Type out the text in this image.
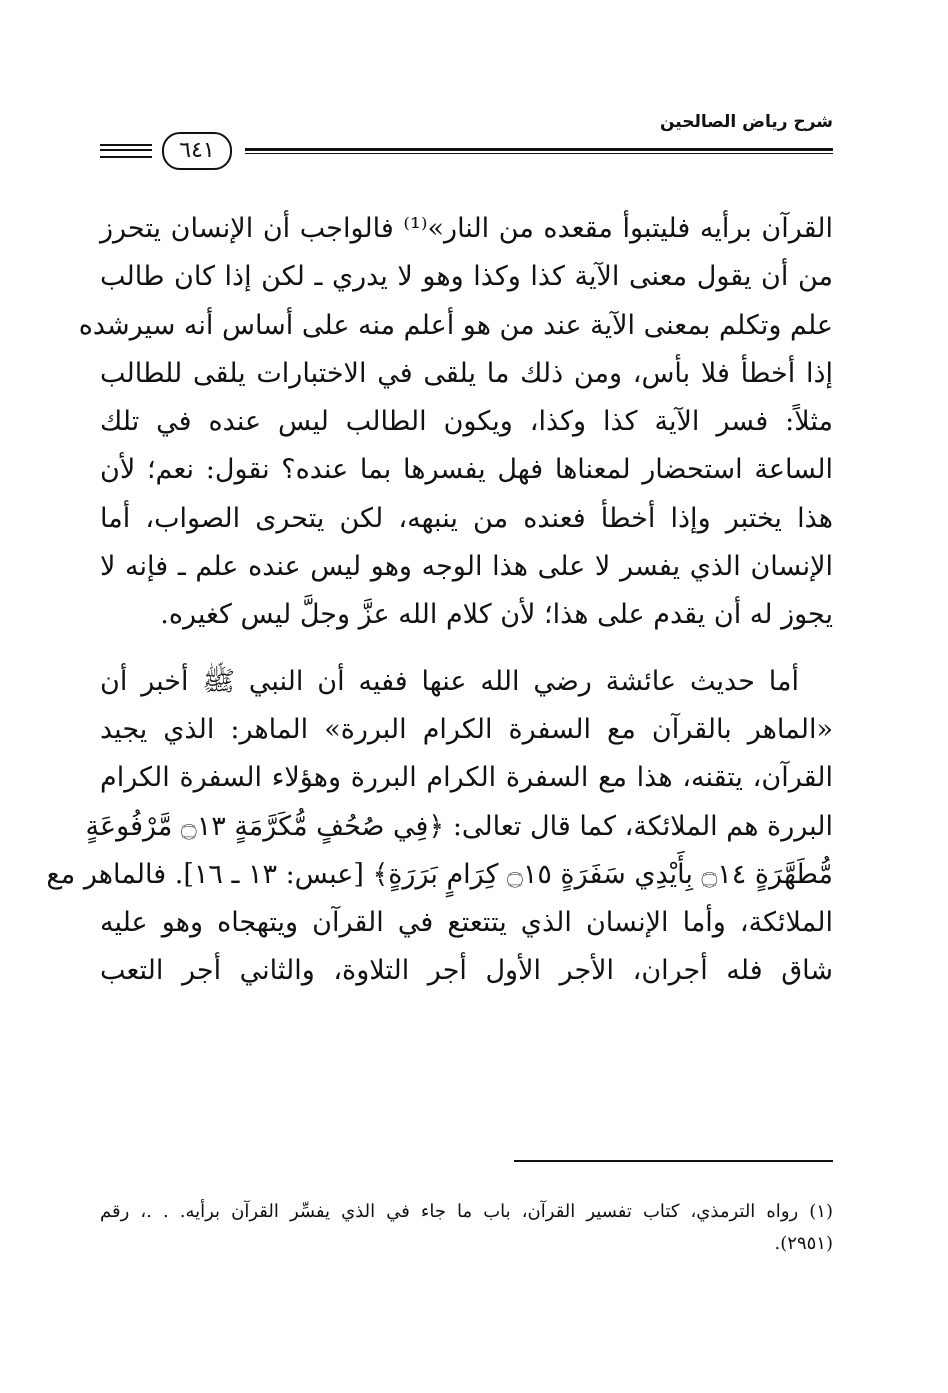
شرح رياض الصالحين
٦٤١
القرآن برأيه فليتبوأ مقعده من النار»⁽¹⁾ فالواجب أن الإنسان يتحرز
من أن يقول معنى الآية كذا وكذا وهو لا يدري ـ لكن إذا كان طالب
علم وتكلم بمعنى الآية عند من هو أعلم منه على أساس أنه سيرشده
إذا أخطأ فلا بأس، ومن ذلك ما يلقى في الاختبارات يلقى للطالب
مثلاً: فسر الآية كذا وكذا، ويكون الطالب ليس عنده في تلك
الساعة استحضار لمعناها فهل يفسرها بما عنده؟ نقول: نعم؛ لأن
هذا يختبر وإذا أخطأ فعنده من ينبهه، لكن يتحرى الصواب، أما
الإنسان الذي يفسر لا على هذا الوجه وهو ليس عنده علم ـ فإنه لا
يجوز له أن يقدم على هذا؛ لأن كلام الله عزَّ وجلَّ ليس كغيره.
أما حديث عائشة رضي الله عنها ففيه أن النبي ﷺ أخبر أن
«الماهر بالقرآن مع السفرة الكرام البررة» الماهر: الذي يجيد
القرآن، يتقنه، هذا مع السفرة الكرام البررة وهؤلاء السفرة الكرام
البررة هم الملائكة، كما قال تعالى: ﴿فِي صُحُفٍ مُّكَرَّمَةٍ ۝١٣ مَّرْفُوعَةٍ
مُّطَهَّرَةٍ ۝١٤ بِأَيْدِي سَفَرَةٍ ۝١٥ كِرَامٍ بَرَرَةٍ﴾ [عبس: ١٣ ـ ١٦]. فالماهر مع
الملائكة، وأما الإنسان الذي يتتعتع في القرآن ويتهجاه وهو عليه
شاق فله أجران، الأجر الأول أجر التلاوة، والثاني أجر التعب
(١) رواه الترمذي، كتاب تفسير القرآن، باب ما جاء في الذي يفسِّر القرآن برأيه. . .، رقم
(٢٩٥١).
